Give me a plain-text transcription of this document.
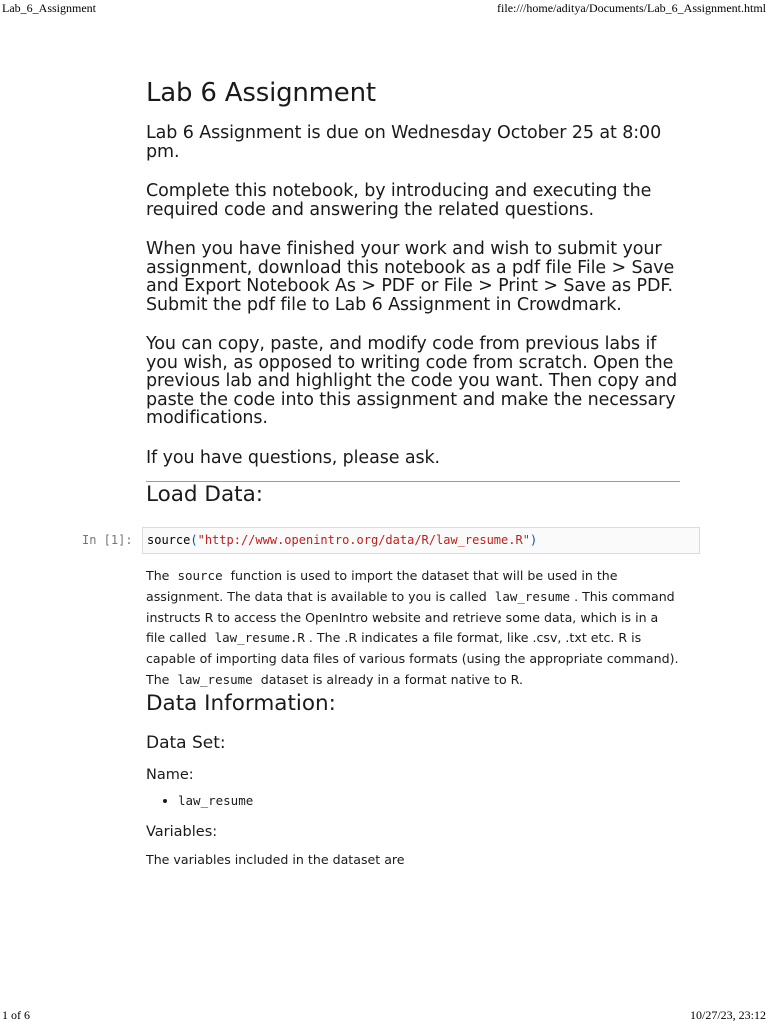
Lab_6_Assignment	file:///home/aditya/Documents/Lab_6_Assignment.html
Lab 6 Assignment

Lab 6 Assignment is due on Wednesday October 25 at 8:00 pm.

Complete this notebook, by introducing and executing the required code and answering the related questions.

When you have finished your work and wish to submit your assignment, download this notebook as a pdf file File > Save and Export Notebook As > PDF or File > Print > Save as PDF. Submit the pdf file to Lab 6 Assignment in Crowdmark.

You can copy, paste, and modify code from previous labs if you wish, as opposed to writing code from scratch. Open the previous lab and highlight the code you want. Then copy and paste the code into this assignment and make the necessary modifications.

If you have questions, please ask.

Load Data:
In [1]:	source("http://www.openintro.org/data/R/law_resume.R")

The source function is used to import the dataset that will be used in the assignment. The data that is available to you is called law_resume . This command instructs R to access the OpenIntro website and retrieve some data, which is in a file called law_resume.R . The .R indicates a file format, like .csv, .txt etc. R is capable of importing data files of various formats (using the appropriate command). The law_resume dataset is already in a format native to R.

Data Information:
Data Set:
Name:
• law_resume
Variables:

The variables included in the dataset are

1 of 6	10/27/23, 23:12
